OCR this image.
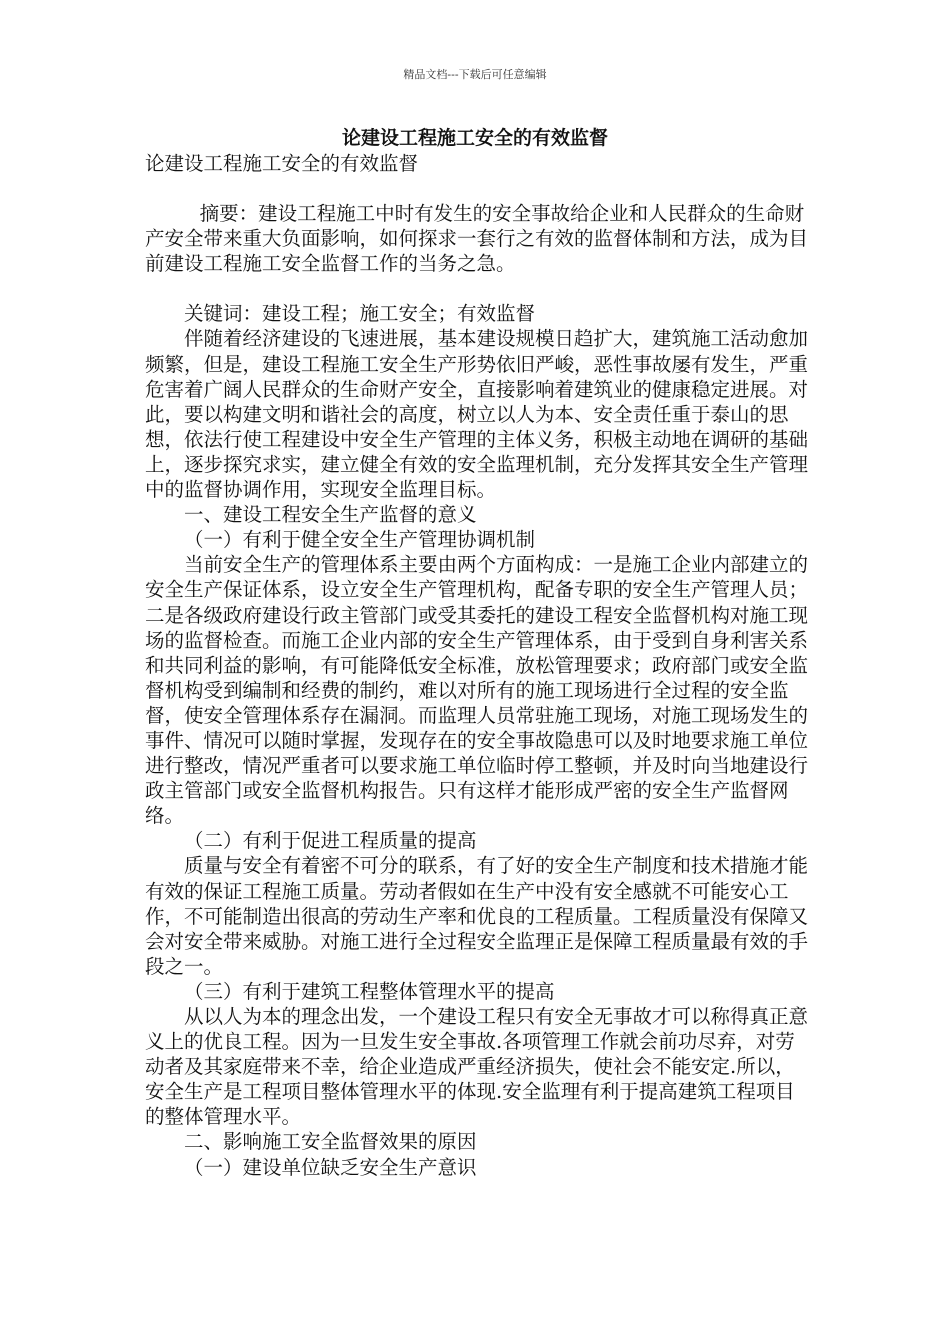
精品文档---下载后可任意编辑
论建设工程施工安全的有效监督

论建设工程施工安全的有效监督

摘要：建设工程施工中时有发生的安全事故给企业和人民群众的生命财产安全带来重大负面影响，如何探求一套行之有效的监督体制和方法，成为目前建设工程施工安全监督工作的当务之急。

关键词：建设工程；施工安全；有效监督

伴随着经济建设的飞速进展，基本建设规模日趋扩大，建筑施工活动愈加频繁，但是，建设工程施工安全生产形势依旧严峻，恶性事故屡有发生，严重危害着广阔人民群众的生命财产安全，直接影响着建筑业的健康稳定进展。对此，要以构建文明和谐社会的高度，树立以人为本、安全责任重于泰山的思想，依法行使工程建设中安全生产管理的主体义务，积极主动地在调研的基础上，逐步探究求实，建立健全有效的安全监理机制，充分发挥其安全生产管理中的监督协调作用，实现安全监理目标。

一、建设工程安全生产监督的意义

（一）有利于健全安全生产管理协调机制

当前安全生产的管理体系主要由两个方面构成：一是施工企业内部建立的安全生产保证体系，设立安全生产管理机构，配备专职的安全生产管理人员；二是各级政府建设行政主管部门或受其委托的建设工程安全监督机构对施工现场的监督检查。而施工企业内部的安全生产管理体系，由于受到自身利害关系和共同利益的影响，有可能降低安全标准，放松管理要求；政府部门或安全监督机构受到编制和经费的制约，难以对所有的施工现场进行全过程的安全监督，使安全管理体系存在漏洞。而监理人员常驻施工现场，对施工现场发生的事件、情况可以随时掌握，发现存在的安全事故隐患可以及时地要求施工单位进行整改，情况严重者可以要求施工单位临时停工整顿，并及时向当地建设行政主管部门或安全监督机构报告。只有这样才能形成严密的安全生产监督网络。

（二）有利于促进工程质量的提高

质量与安全有着密不可分的联系，有了好的安全生产制度和技术措施才能有效的保证工程施工质量。劳动者假如在生产中没有安全感就不可能安心工作，不可能制造出很高的劳动生产率和优良的工程质量。工程质量没有保障又会对安全带来威胁。对施工进行全过程安全监理正是保障工程质量最有效的手段之一。

（三）有利于建筑工程整体管理水平的提高

从以人为本的理念出发，一个建设工程只有安全无事故才可以称得真正意义上的优良工程。因为一旦发生安全事故.各项管理工作就会前功尽弃，对劳动者及其家庭带来不幸，给企业造成严重经济损失，使社会不能安定.所以，安全生产是工程项目整体管理水平的体现.安全监理有利于提高建筑工程项目的整体管理水平。

二、影响施工安全监督效果的原因

（一）建设单位缺乏安全生产意识
